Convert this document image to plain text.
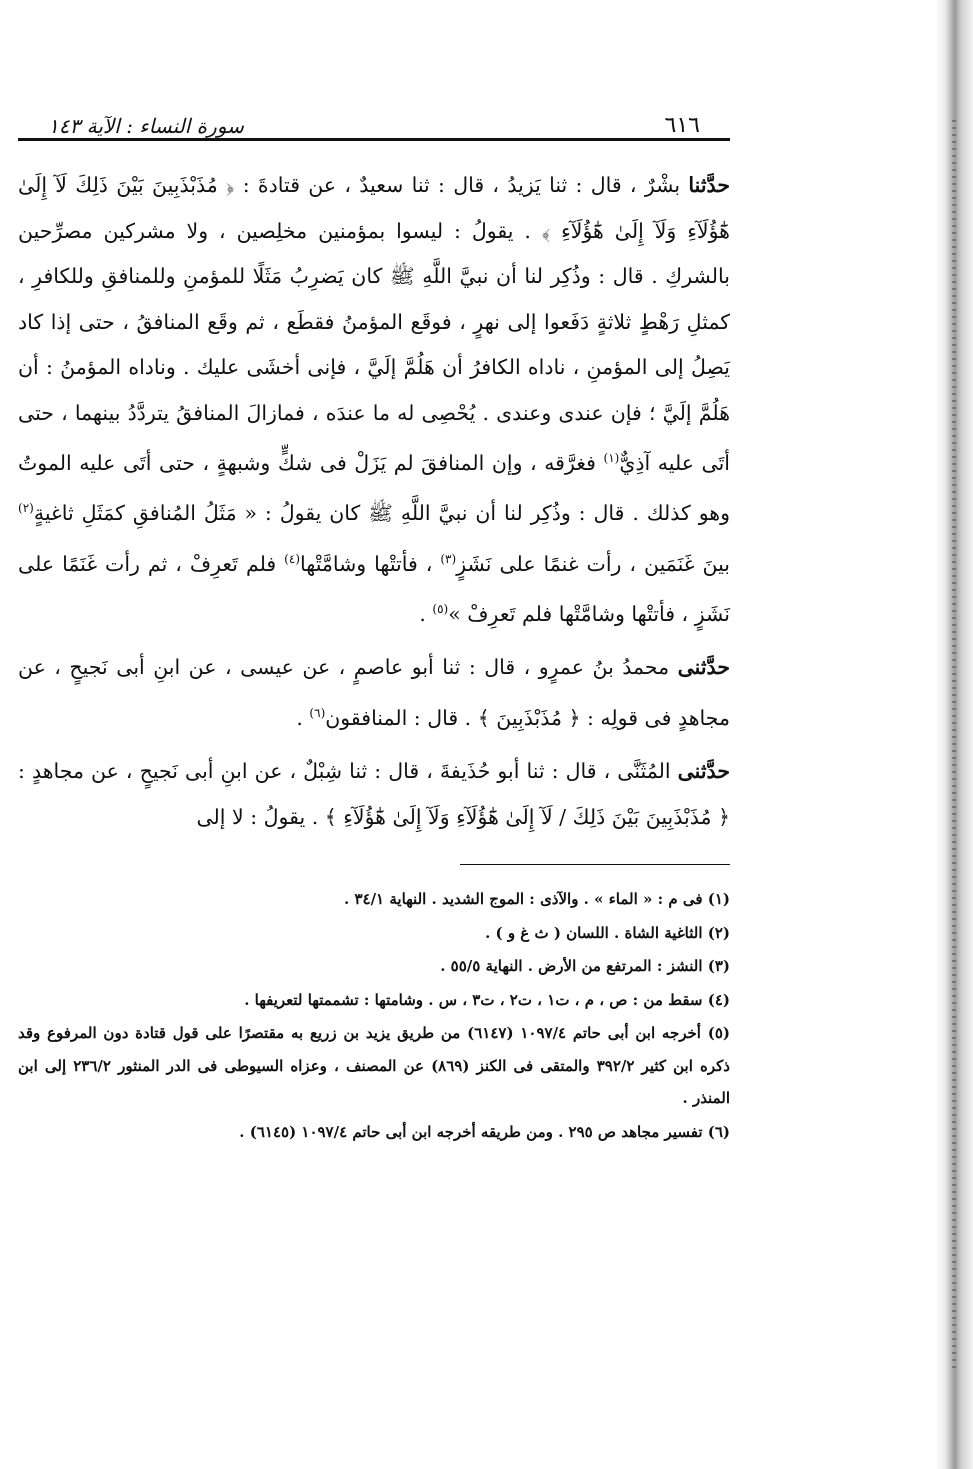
٦١٦
سورة النساء : الآية ١٤٣

حدَّثنا بشْرٌ ، قال : ثنا يَزيدُ ، قال : ثنا سعيدٌ ، عن قتادةَ : ﴿ مُذَبْذَبِينَ بَيْنَ ذَلِكَ لَآ إِلَىٰ هَٰٓؤُلَآءِ وَلَآ إِلَىٰ هَٰٓؤُلَآءِ ﴾ . يقولُ : ليسوا بمؤمنين مخلِصين ، ولا مشركين مصرِّحين بالشركِ . قال : وذُكِر لنا أن نبيَّ اللَّهِ ﷺ كان يَضرِبُ مَثَلًا للمؤمنِ وللمنافقِ وللكافرِ ، كمثلِ رَهْطٍ ثلاثةٍ دَفَعوا إلى نهرٍ ، فوقَع المؤمنُ فقطَع ، ثم وقَع المنافقُ ، حتى إذا كاد يَصِلُ إلى المؤمنِ ، ناداه الكافرُ أن هَلُمَّ إلَيَّ ، فإنى أخشَى عليك . وناداه المؤمنُ : أن هَلُمَّ إلَيَّ ؛ فإن عندى وعندى . يُحْصِى له ما عندَه ، فمازالَ المنافقُ يتردَّدُ بينهما ، حتى أتَى عليه آذِيٌّ$^{(١)}$ فغرَّقه ، وإن المنافقَ لم يَزَلْ فى شكٍّ وشبهةٍ ، حتى أتَى عليه الموتُ وهو كذلك . قال : وذُكِر لنا أن نبيَّ اللَّهِ ﷺ كان يقولُ : « مَثَلُ المُنافقِ كمَثَلِ ثاغيةٍ$^{(٢)}$ بينَ غَنَمَين ، رأت غنمًا على نَشَزٍ$^{(٣)}$ ، فأتتْها وشامَّتْها$^{(٤)}$ فلم تَعرِفْ ، ثم رأت غَنَمًا على نَشَزٍ ، فأتتْها وشامَّتْها فلم تَعرِفْ »$^{(٥)}$ .

حدَّثنى محمدُ بنُ عمرٍو ، قال : ثنا أبو عاصمٍ ، عن عيسى ، عن ابنِ أبى نَجيحٍ ، عن مجاهدٍ فى قولِه : ﴿ مُذَبْذَبِينَ ﴾ . قال : المنافقون$^{(٦)}$ .

حدَّثنى المُثَنَّى ، قال : ثنا أبو حُذَيفةَ ، قال : ثنا شِبْلٌ ، عن ابنِ أبى نَجيحٍ ، عن مجاهدٍ : ﴿ مُذَبْذَبِينَ بَيْنَ ذَلِكَ / لَآ إِلَىٰ هَٰٓؤُلَآءِ وَلَآ إِلَىٰ هَٰٓؤُلَآءِ ﴾ . يقولُ : لا إلى

(١) فى م : « الماء » . والآذى : الموج الشديد . النهاية ٣٤/١ .

(٢) الثاغية الشاة . اللسان ( ث غ و ) .

(٣) النشز : المرتفع من الأرض . النهاية ٥٥/٥ .

(٤) سقط من : ص ، م ، ت١ ، ت٢ ، ت٣ ، س . وشامتها : تشممتها لتعريفها .

(٥) أخرجه ابن أبى حاتم ١٠٩٧/٤ (٦١٤٧) من طريق يزيد بن زريع به مقتصرًا على قول قتادة دون المرفوع وقد ذكره ابن كثير ٣٩٢/٢ والمتقى فى الكنز (٨٦٩) عن المصنف ، وعزاه السيوطى فى الدر المنثور ٢٣٦/٢ إلى ابن المنذر .

(٦) تفسير مجاهد ص ٢٩٥ . ومن طريقه أخرجه ابن أبى حاتم ١٠٩٧/٤ (٦١٤٥) .
